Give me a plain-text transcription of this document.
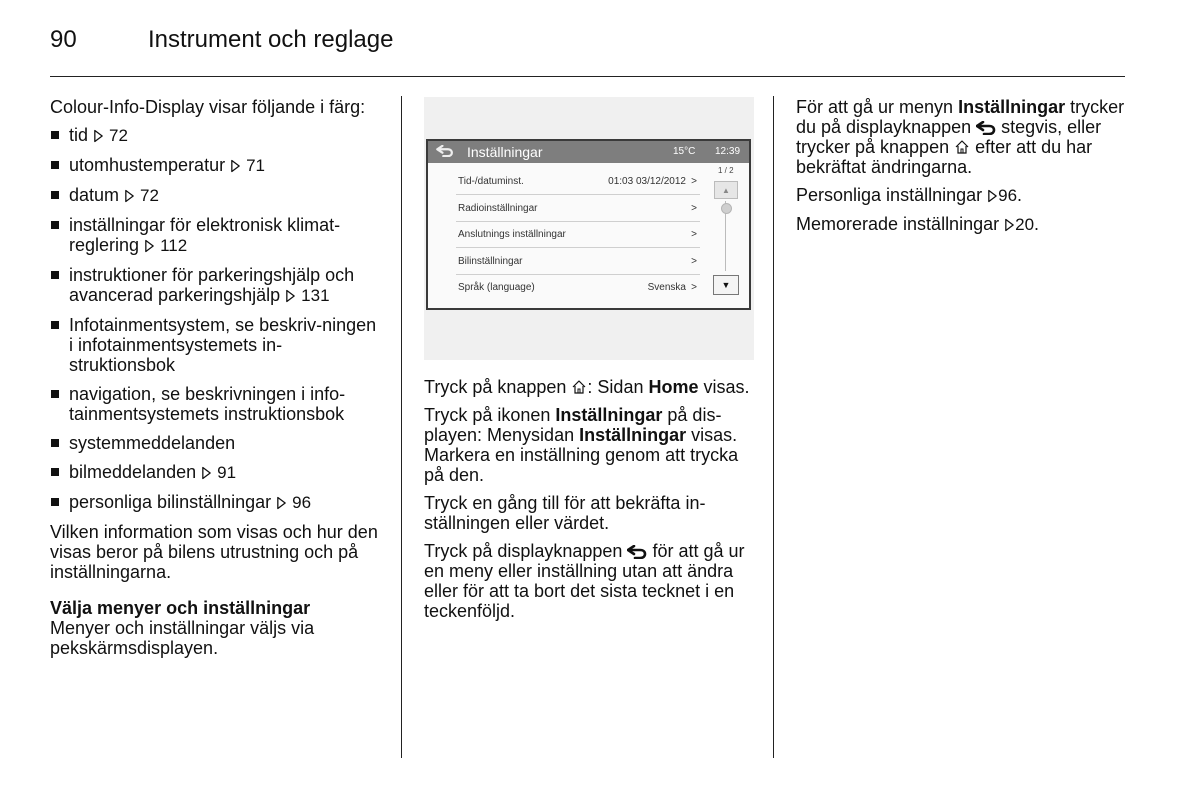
90	Instrument och reglage

Colour-Info-Display visar följande i färg:

tid  72
utomhustemperatur  71
datum  72
inställningar för elektronisk klimat-reglering  112
instruktioner för parkeringshjälp och avancerad parkeringshjälp  131
Infotainmentsystem, se beskriv-ningen i infotainmentsystemets in-struktionsbok
navigation, se beskrivningen i info-tainmentsystemets instruktionsbok
systemmeddelanden
bilmeddelanden  91
personliga bilinställningar  96

Vilken information som visas och hur den visas beror på bilens utrustning och på inställningarna.

Välja menyer och inställningar

Menyer och inställningar väljs via pekskärmsdisplayen.

Inställningar	15°C 12:39
Tid-/datuminst.	01:03 03/12/2012 >
Radioinställningar	>
Anslutnings inställningar	>
Bilinställningar	>
Språk (language)	Svenska >
1 / 2
▲
▼

Tryck på knappen : Sidan Home visas.

Tryck på ikonen Inställningar på dis-playen: Menysidan Inställningar visas. Markera en inställning genom att trycka på den.

Tryck en gång till för att bekräfta in-ställningen eller värdet.

Tryck på displayknappen  för att gå ur en meny eller inställning utan att ändra eller för att ta bort det sista tecknet i en teckenföljd.

För att gå ur menyn Inställningar trycker du på displayknappen  stegvis, eller trycker på knappen  efter att du har bekräftat ändringarna.

Personliga inställningar 96.

Memorerade inställningar 20.
